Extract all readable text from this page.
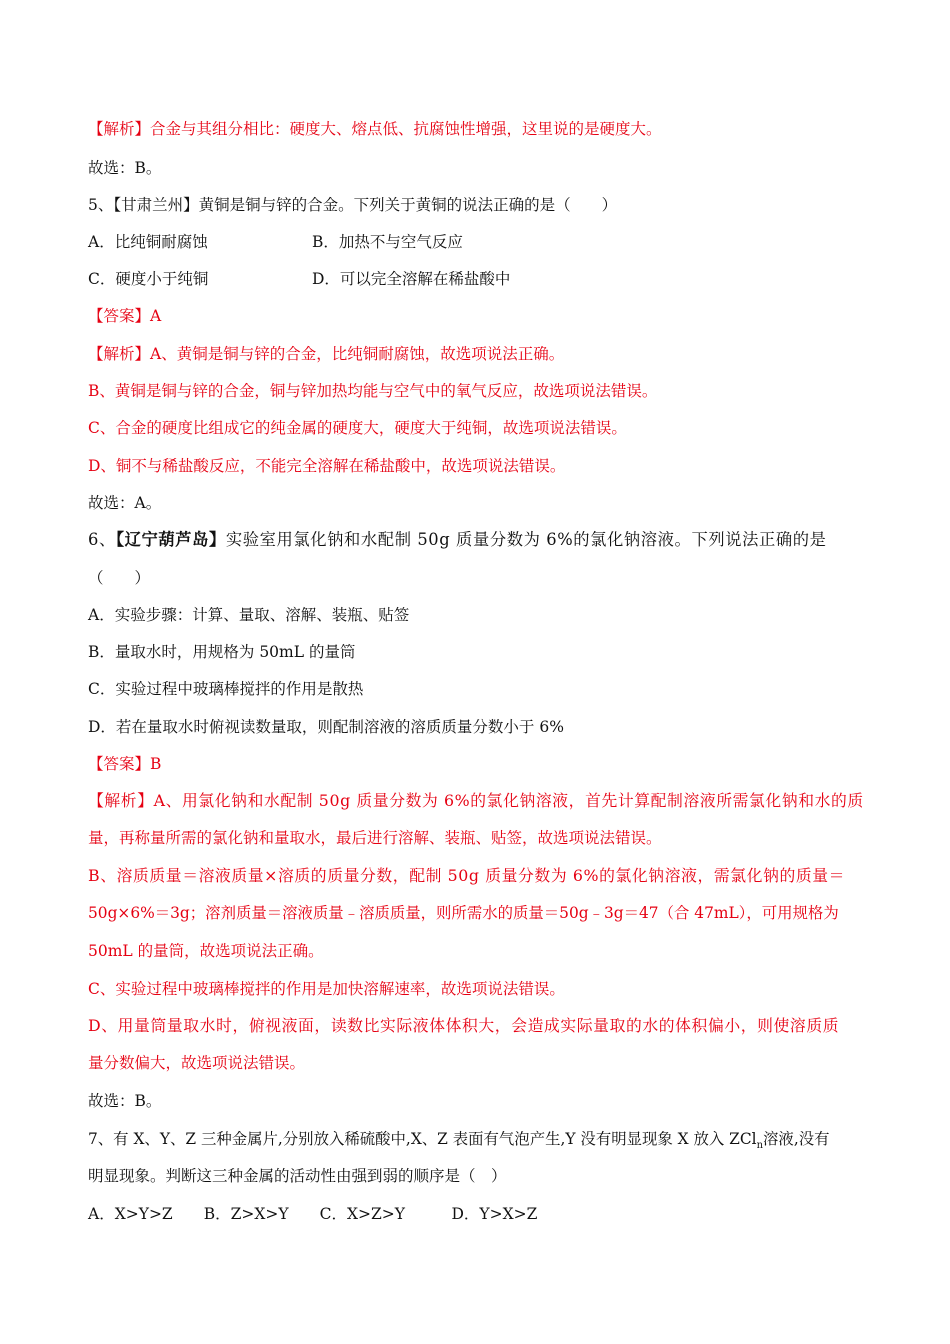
【解析】合金与其组分相比：硬度大、熔点低、抗腐蚀性增强，这里说的是硬度大。
故选：B。
5、【甘肃兰州】黄铜是铜与锌的合金。下列关于黄铜的说法正确的是（　　）
A．比纯铜耐腐蚀	B．加热不与空气反应
C．硬度小于纯铜	D．可以完全溶解在稀盐酸中
【答案】A
【解析】A、黄铜是铜与锌的合金，比纯铜耐腐蚀，故选项说法正确。
B、黄铜是铜与锌的合金，铜与锌加热均能与空气中的氧气反应，故选项说法错误。
C、合金的硬度比组成它的纯金属的硬度大，硬度大于纯铜，故选项说法错误。
D、铜不与稀盐酸反应，不能完全溶解在稀盐酸中，故选项说法错误。
故选：A。
6、【辽宁葫芦岛】实验室用氯化钠和水配制 50g 质量分数为 6%的氯化钠溶液。下列说法正确的是
（　　）
A．实验步骤：计算、量取、溶解、装瓶、贴签
B．量取水时，用规格为 50mL 的量筒
C．实验过程中玻璃棒搅拌的作用是散热
D．若在量取水时俯视读数量取，则配制溶液的溶质质量分数小于 6%
【答案】B
【解析】A、用氯化钠和水配制 50g 质量分数为 6%的氯化钠溶液，首先计算配制溶液所需氯化钠和水的质
量，再称量所需的氯化钠和量取水，最后进行溶解、装瓶、贴签，故选项说法错误。
B、溶质质量＝溶液质量×溶质的质量分数，配制 50g 质量分数为 6%的氯化钠溶液，需氯化钠的质量＝
50g×6%＝3g；溶剂质量＝溶液质量﹣溶质质量，则所需水的质量＝50g﹣3g＝47（合 47mL），可用规格为
50mL 的量筒，故选项说法正确。
C、实验过程中玻璃棒搅拌的作用是加快溶解速率，故选项说法错误。
D、用量筒量取水时，俯视液面，读数比实际液体体积大，会造成实际量取的水的体积偏小，则使溶质质
量分数偏大，故选项说法错误。
故选：B。
7、有 X、Y、Z 三种金属片,分别放入稀硫酸中,X、Z 表面有气泡产生,Y 没有明显现象 X 放入 ZCl$_n$溶液,没有
明显现象。判断这三种金属的活动性由强到弱的顺序是（　）
A．X>Y>Z　　B．Z>X>Y　　C．X>Z>Y　　　D．Y>X>Z
